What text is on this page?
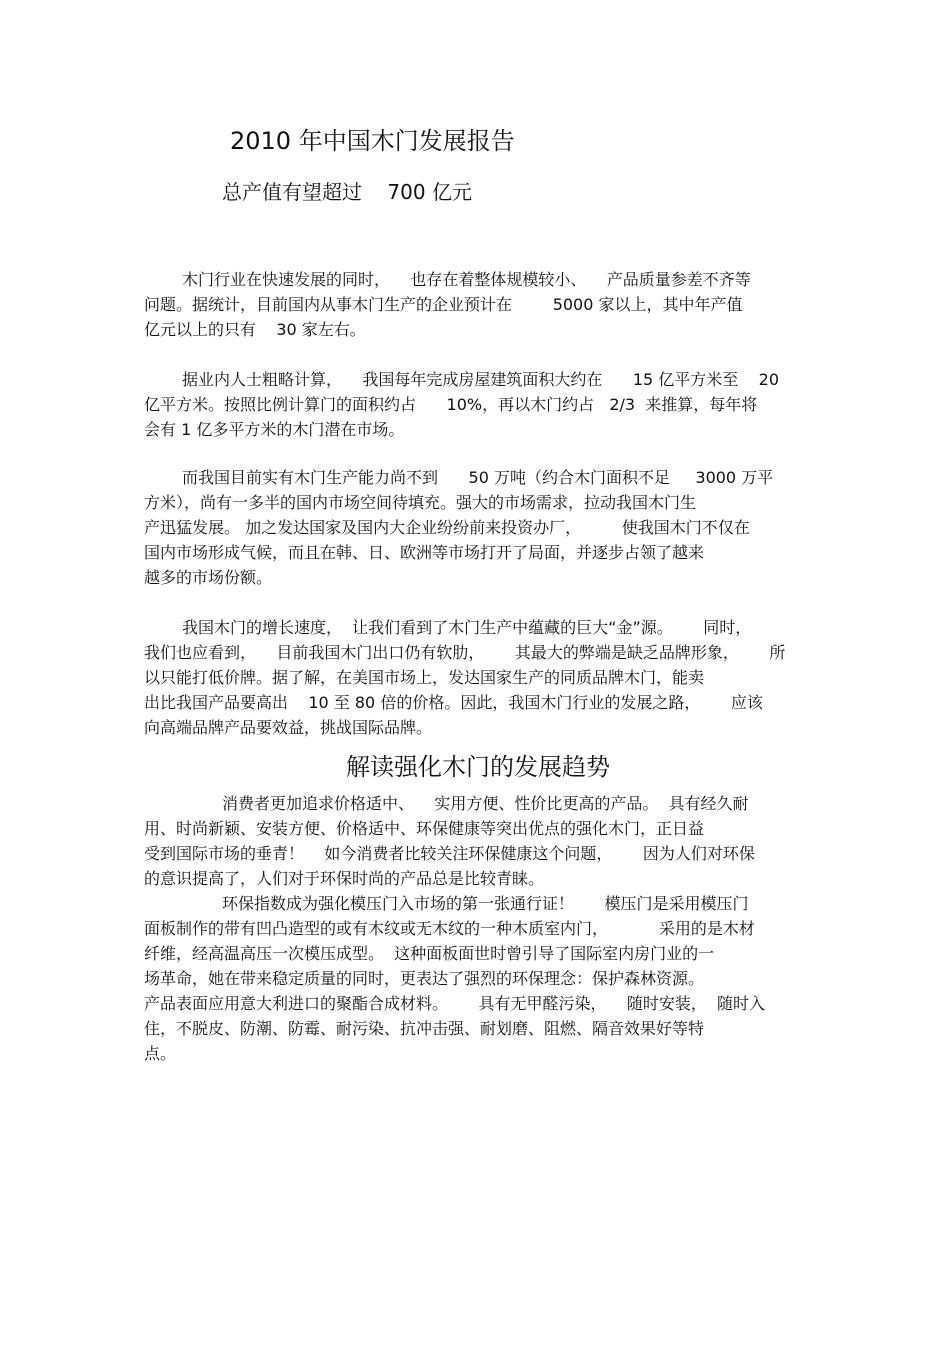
2010 年中国木门发展报告
总产值有望超过    700 亿元
木门行业在快速发展的同时，    也存在着整体规模较小、    产品质量参差不齐等
问题。据统计，目前国内从事木门生产的企业预计在        5000 家以上，其中年产值
亿元以上的只有    30 家左右。
据业内人士粗略计算，    我国每年完成房屋建筑面积大约在      15 亿平方米至    20
亿平方米。按照比例计算门的面积约占      10%，再以木门约占   2/3  来推算，每年将
会有 1 亿多平方米的木门潜在市场。
而我国目前实有木门生产能力尚不到      50 万吨（约合木门面积不足     3000 万平
方米），尚有一多半的国内市场空间待填充。强大的市场需求，拉动我国木门生
产迅猛发展。 加之发达国家及国内大企业纷纷前来投资办厂，        使我国木门不仅在
国内市场形成气候，而且在韩、日、欧洲等市场打开了局面，并逐步占领了越来
越多的市场份额。
我国木门的增长速度，  让我们看到了木门生产中蕴藏的巨大“金”源。      同时，
我们也应看到，    目前我国木门出口仍有软肋，      其最大的弊端是缺乏品牌形象，      所
以只能打低价牌。据了解，在美国市场上，发达国家生产的同质品牌木门，能卖
出比我国产品要高出    10 至 80 倍的价格。因此，我国木门行业的发展之路，      应该
向高端品牌产品要效益，挑战国际品牌。
解读强化木门的发展趋势
消费者更加追求价格适中、    实用方便、性价比更高的产品。  具有经久耐
用、时尚新颖、安装方便、价格适中、环保健康等突出优点的强化木门，正日益
受到国际市场的垂青！    如今消费者比较关注环保健康这个问题，      因为人们对环保
的意识提高了，人们对于环保时尚的产品总是比较青睐。
环保指数成为强化模压门入市场的第一张通行证！      模压门是采用模压门
面板制作的带有凹凸造型的或有木纹或无木纹的一种木质室内门，          采用的是木材
纤维，经高温高压一次模压成型。  这种面板面世时曾引导了国际室内房门业的一
场革命，她在带来稳定质量的同时，更表达了强烈的环保理念：保护森林资源。
产品表面应用意大利进口的聚酯合成材料。      具有无甲醛污染，    随时安装，  随时入
住，不脱皮、防潮、防霉、耐污染、抗冲击强、耐划磨、阻燃、隔音效果好等特
点。
